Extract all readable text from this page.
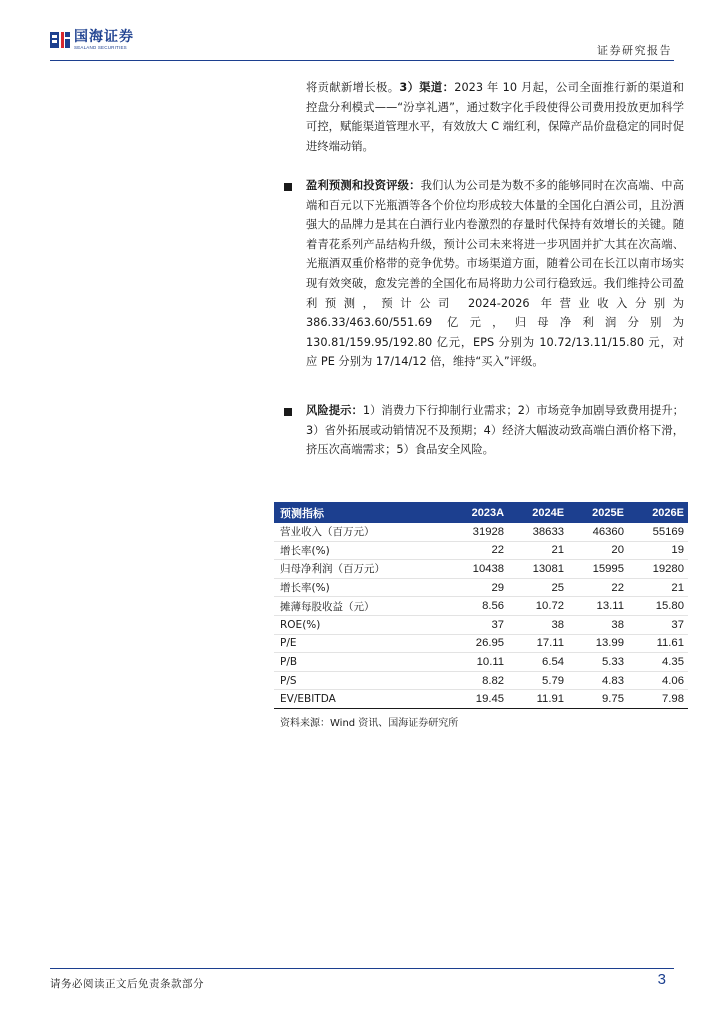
国海证券
SEALAND SECURITIES	证券研究报告
将贡献新增长极。3）渠道：2023 年 10 月起，公司全面推行新的渠道和控盘分利模式——“汾享礼遇”，通过数字化手段使得公司费用投放更加科学可控，赋能渠道管理水平，有效放大 C 端红利，保障产品价盘稳定的同时促进终端动销。
盈利预测和投资评级：我们认为公司是为数不多的能够同时在次高端、中高端和百元以下光瓶酒等各个价位均形成较大体量的全国化白酒公司，且汾酒强大的品牌力是其在白酒行业内卷激烈的存量时代保持有效增长的关键。随着青花系列产品结构升级，预计公司未来将进一步巩固并扩大其在次高端、光瓶酒双重价格带的竞争优势。市场渠道方面，随着公司在长江以南市场实现有效突破，愈发完善的全国化布局将助力公司行稳致远。我们维持公司盈利预测，预计公司 2024-2026 年营业收入分别为 386.33/463.60/551.69 亿元，归母净利润分别为 130.81/159.95/192.80 亿元，EPS 分别为 10.72/13.11/15.80 元，对应 PE 分别为 17/14/12 倍，维持“买入”评级。
风险提示：1）消费力下行抑制行业需求；2）市场竞争加剧导致费用提升；3）省外拓展或动销情况不及预期；4）经济大幅波动致高端白酒价格下滑，挤压次高端需求；5）食品安全风险。
预测指标	2023A	2024E	2025E	2026E
营业收入（百万元）	31928	38633	46360	55169
增长率(%)	22	21	20	19
归母净利润（百万元）	10438	13081	15995	19280
增长率(%)	29	25	22	21
摊薄每股收益（元）	8.56	10.72	13.11	15.80
ROE(%)	37	38	38	37
P/E	26.95	17.11	13.99	11.61
P/B	10.11	6.54	5.33	4.35
P/S	8.82	5.79	4.83	4.06
EV/EBITDA	19.45	11.91	9.75	7.98
资料来源：Wind 资讯、国海证券研究所
请务必阅读正文后免责条款部分	3
